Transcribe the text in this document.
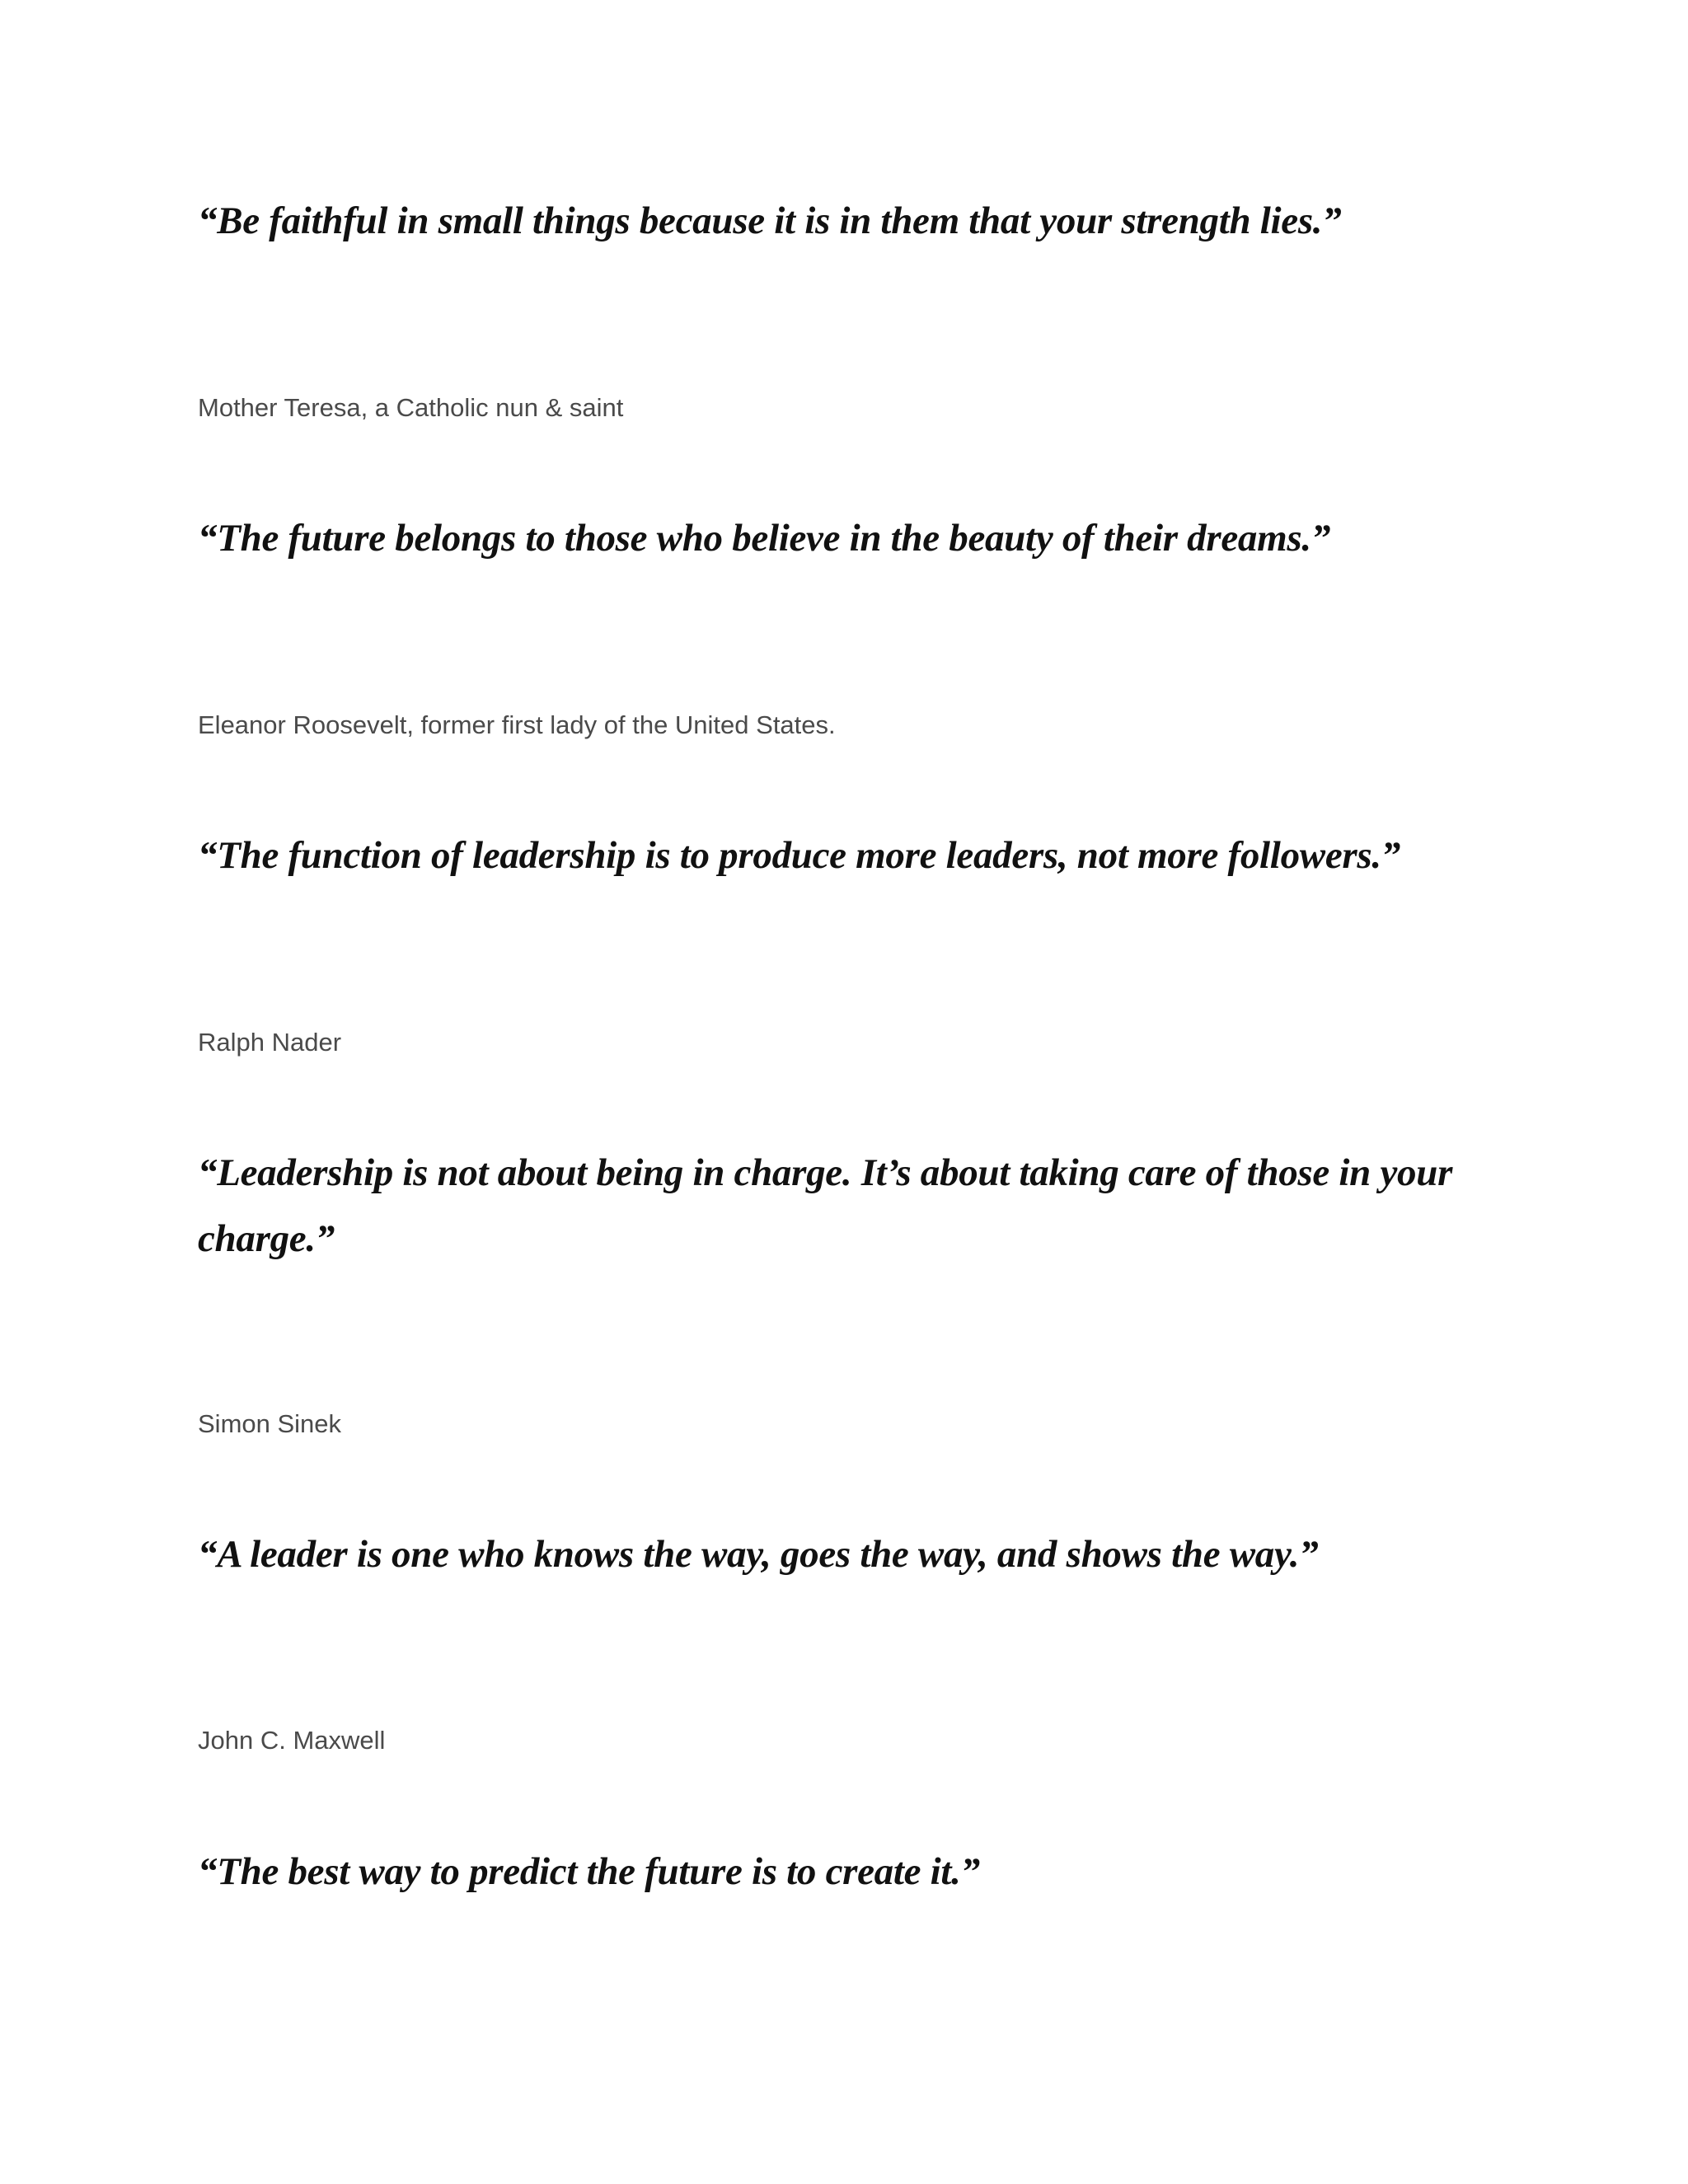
“Be faithful in small things because it is in them that your strength lies.”

Mother Teresa, a Catholic nun & saint

“The future belongs to those who believe in the beauty of their dreams.”

Eleanor Roosevelt, former first lady of the United States.

“The function of leadership is to produce more leaders, not more followers.”

Ralph Nader

“Leadership is not about being in charge. It’s about taking care of those in your charge.”

Simon Sinek

“A leader is one who knows the way, goes the way, and shows the way.”

John C. Maxwell

“The best way to predict the future is to create it.”
